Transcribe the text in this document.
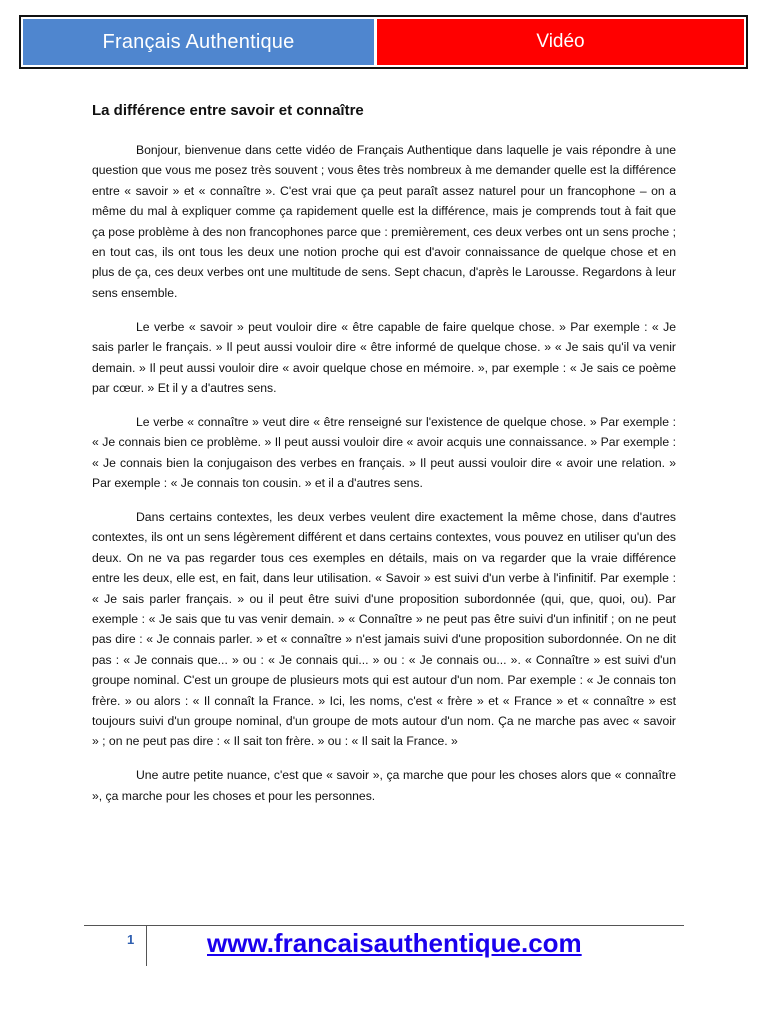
Français Authentique	Vidéo
La différence entre savoir et connaître

Bonjour, bienvenue dans cette vidéo de Français Authentique dans laquelle je vais répondre à une question que vous me posez très souvent ; vous êtes très nombreux à me demander quelle est la différence entre « savoir » et « connaître ». C'est vrai que ça peut paraît assez naturel pour un francophone – on a même du mal à expliquer comme ça rapidement quelle est la différence, mais je comprends tout à fait que ça pose problème à des non francophones parce que : premièrement, ces deux verbes ont un sens proche ; en tout cas, ils ont tous les deux une notion proche qui est d'avoir connaissance de quelque chose et en plus de ça, ces deux verbes ont une multitude de sens. Sept chacun, d'après le Larousse. Regardons à leur sens ensemble.

Le verbe « savoir » peut vouloir dire « être capable de faire quelque chose. » Par exemple : « Je sais parler le français. » Il peut aussi vouloir dire « être informé de quelque chose. » « Je sais qu'il va venir demain. » Il peut aussi vouloir dire « avoir quelque chose en mémoire. », par exemple : « Je sais ce poème par cœur. » Et il y a d'autres sens.

Le verbe « connaître » veut dire « être renseigné sur l'existence de quelque chose. » Par exemple : « Je connais bien ce problème. » Il peut aussi vouloir dire « avoir acquis une connaissance. » Par exemple : « Je connais bien la conjugaison des verbes en français. » Il peut aussi vouloir dire « avoir une relation. » Par exemple : « Je connais ton cousin. » et il a d'autres sens.

Dans certains contextes, les deux verbes veulent dire exactement la même chose, dans d'autres contextes, ils ont un sens légèrement différent et dans certains contextes, vous pouvez en utiliser qu'un des deux. On ne va pas regarder tous ces exemples en détails, mais on va regarder que la vraie différence entre les deux, elle est, en fait, dans leur utilisation. « Savoir » est suivi d'un verbe à l'infinitif. Par exemple : « Je sais parler français. » ou il peut être suivi d'une proposition subordonnée (qui, que, quoi, ou). Par exemple : « Je sais que tu vas venir demain. » « Connaître » ne peut pas être suivi d'un infinitif ; on ne peut pas dire : « Je connais parler. » et « connaître » n'est jamais suivi d'une proposition subordonnée. On ne dit pas : « Je connais que... » ou : « Je connais qui... » ou : « Je connais ou... ». « Connaître » est suivi d'un groupe nominal. C'est un groupe de plusieurs mots qui est autour d'un nom. Par exemple : « Je connais ton frère. » ou alors : « Il connaît la France. » Ici, les noms, c'est « frère » et « France » et « connaître » est toujours suivi d'un groupe nominal, d'un groupe de mots autour d'un nom. Ça ne marche pas avec « savoir » ; on ne peut pas dire : « Il sait ton frère. » ou : « Il sait la France. »

Une autre petite nuance, c'est que « savoir », ça marche que pour les choses alors que « connaître », ça marche pour les choses et pour les personnes.

1	www.francaisauthentique.com
